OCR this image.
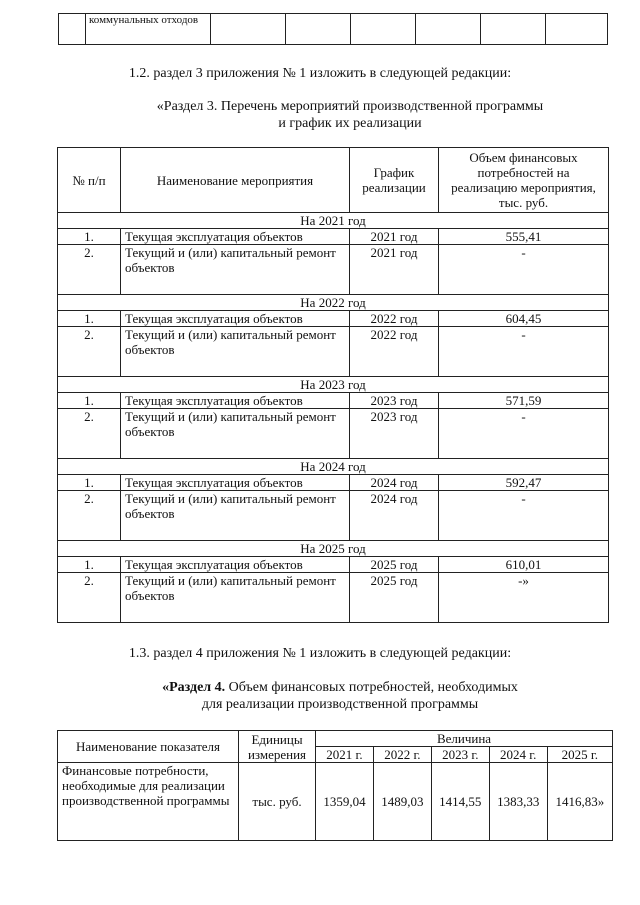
	коммунальных отходов						
1.2. раздел 3 приложения № 1 изложить в следующей редакции:
«Раздел 3. Перечень мероприятий производственной программы
и график их реализации
№ п/п	Наименование мероприятия	График реализации	Объем финансовых потребностей на реализацию мероприятия, тыс. руб.
На 2021 год			
1.	Текущая эксплуатация объектов	2021 год	555,41
2.	Текущий и (или) капитальный ремонт объектов	2021 год	-
На 2022 год			
1.	Текущая эксплуатация объектов	2022 год	604,45
2.	Текущий и (или) капитальный ремонт объектов	2022 год	-
На 2023 год			
1.	Текущая эксплуатация объектов	2023 год	571,59
2.	Текущий и (или) капитальный ремонт объектов	2023 год	-
На 2024 год			
1.	Текущая эксплуатация объектов	2024 год	592,47
2.	Текущий и (или) капитальный ремонт объектов	2024 год	-
На 2025 год			
1.	Текущая эксплуатация объектов	2025 год	610,01
2.	Текущий и (или) капитальный ремонт объектов	2025 год	-»
1.3. раздел 4 приложения № 1 изложить в следующей редакции:
«Раздел 4. Объем финансовых потребностей, необходимых
для реализации производственной программы
Наименование показателя	Единицы измерения	Величина				
		2021 г.	2022 г.	2023 г.	2024 г.	2025 г.
Финансовые потребности, необходимые для реализации производственной программы	тыс. руб.	1359,04	1489,03	1414,55	1383,33	1416,83»
